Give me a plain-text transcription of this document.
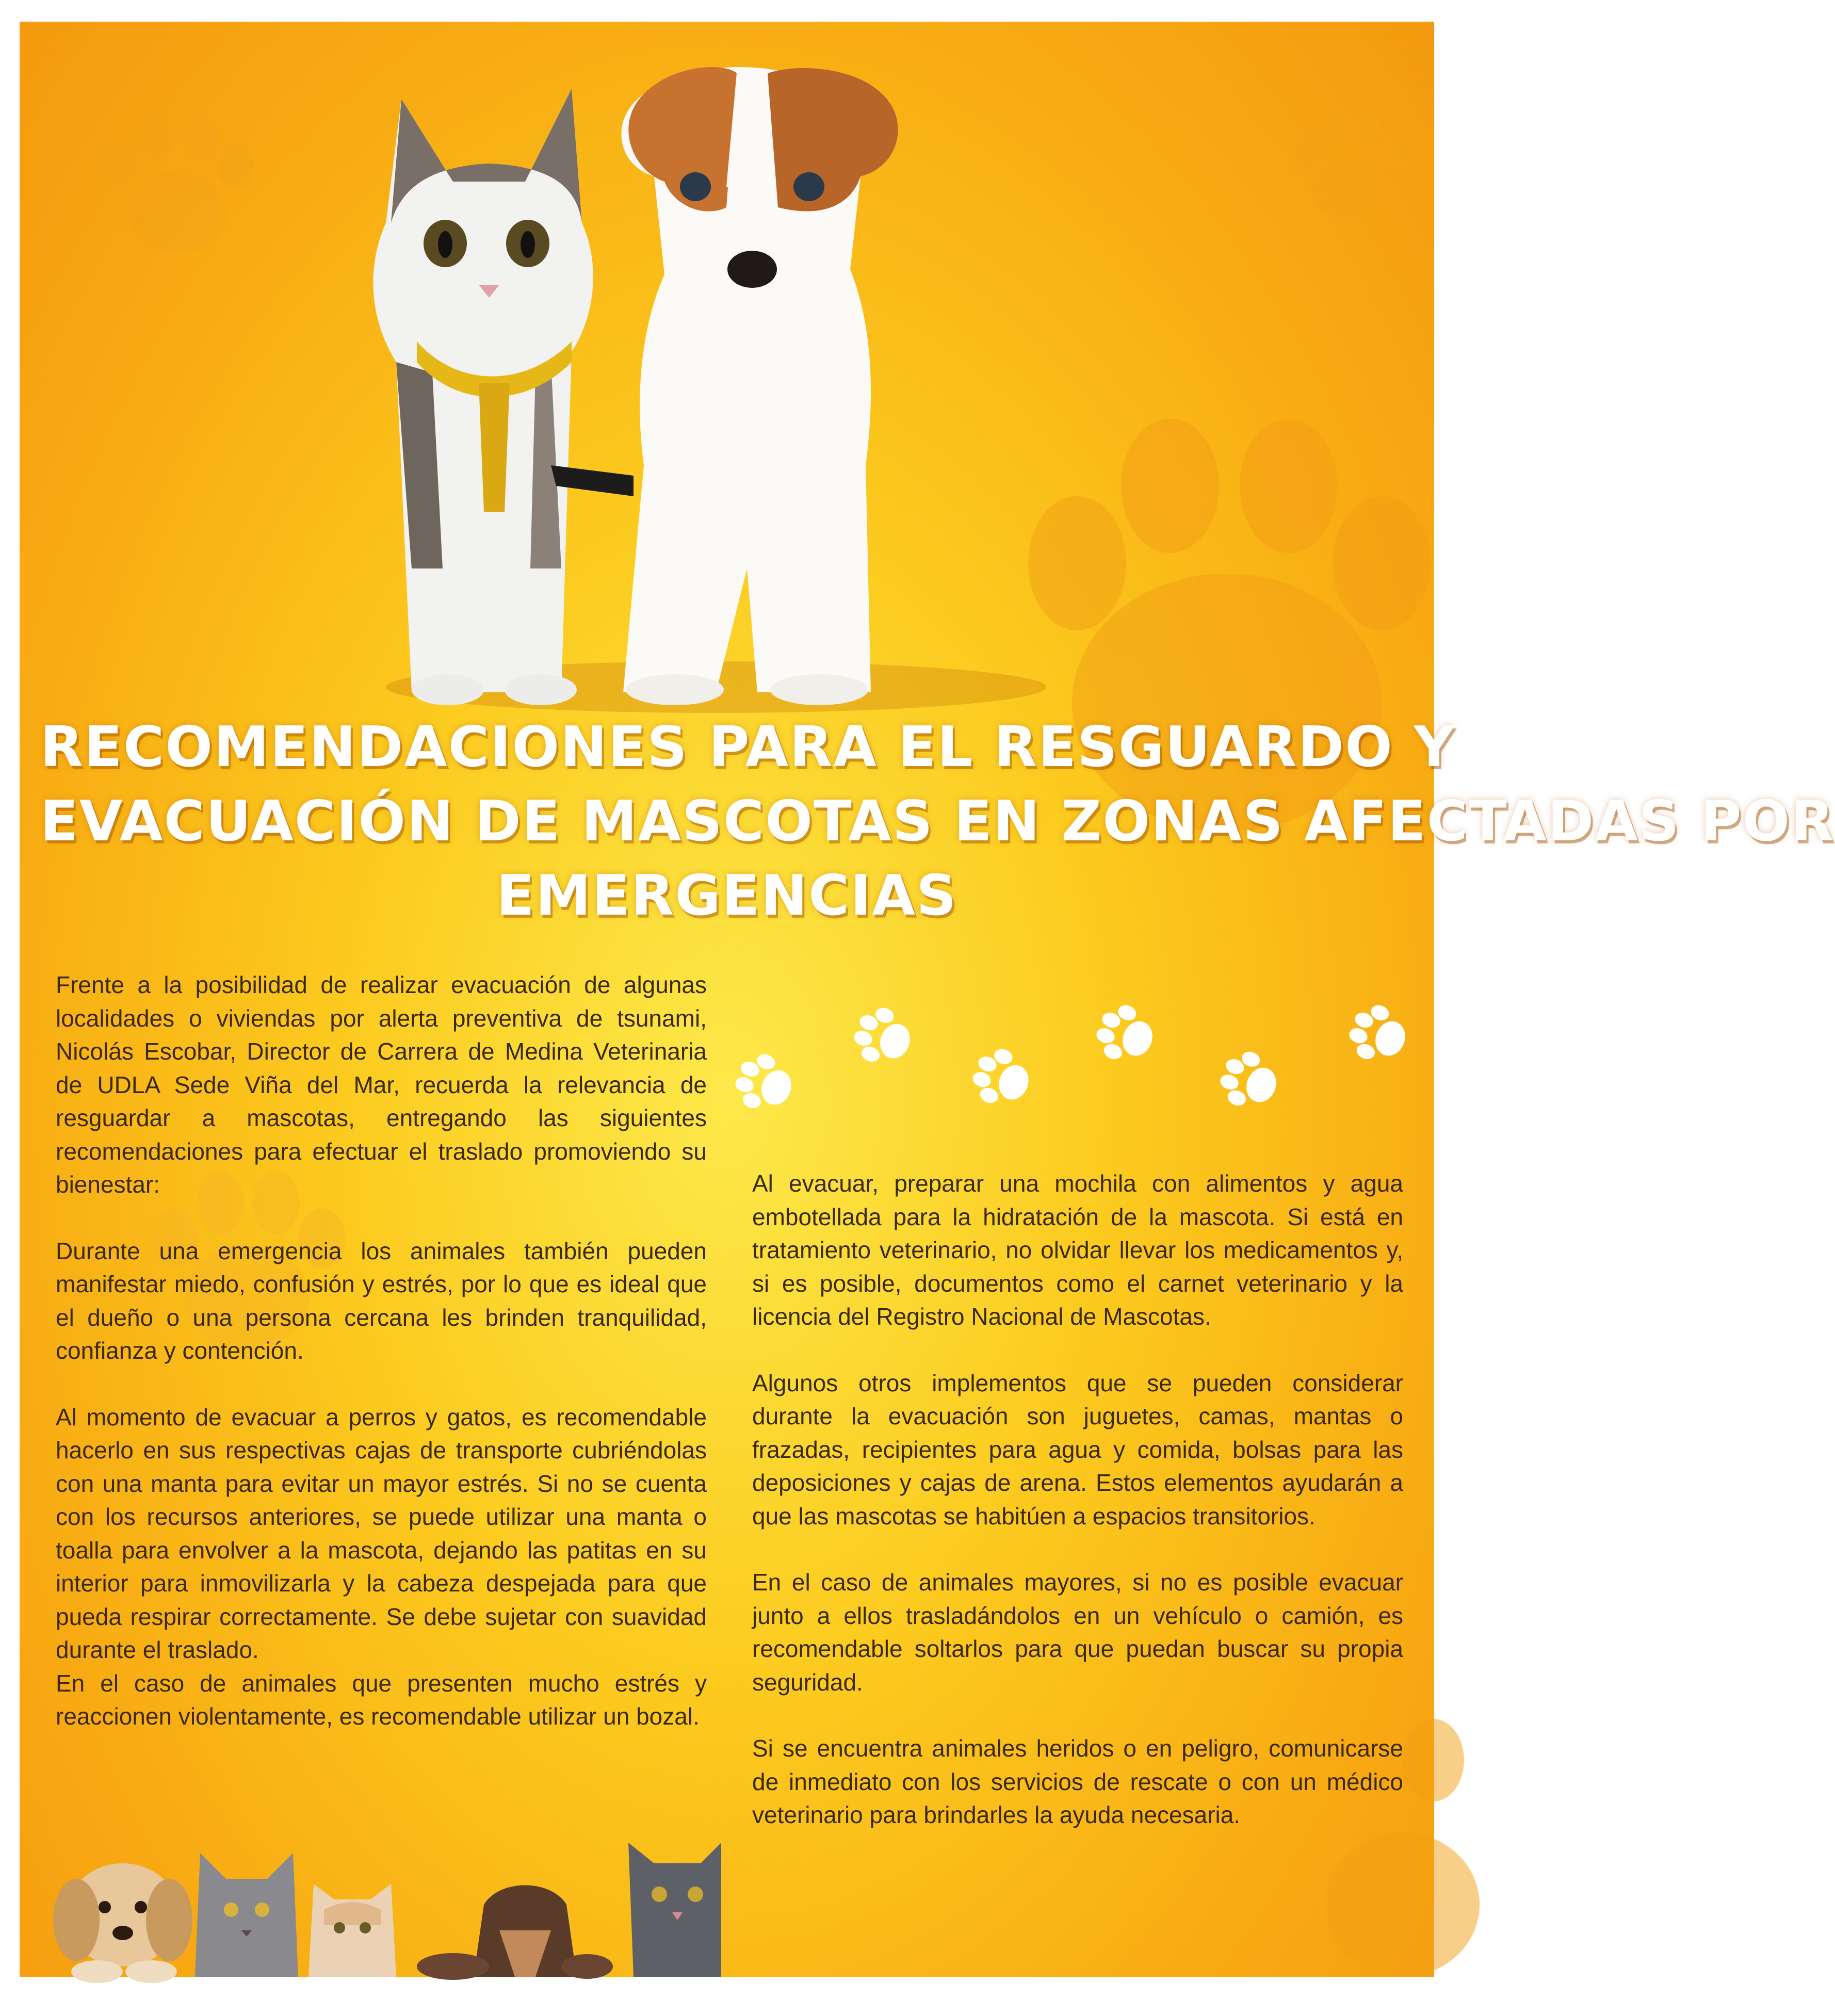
RECOMENDACIONES PARA EL RESGUARDO Y
EVACUACIÓN DE MASCOTAS EN ZONAS AFECTADAS POR
EMERGENCIAS

Frente a la posibilidad de realizar evacuación de algunas localidades o viviendas por alerta preventiva de tsunami, Nicolás Escobar, Director de Carrera de Medina Veterinaria de UDLA Sede Viña del Mar, recuerda la relevancia de resguardar a mascotas, entregando las siguientes recomendaciones para efectuar el traslado promoviendo su bienestar:

Durante una emergencia los animales también pueden manifestar miedo, confusión y estrés, por lo que es ideal que el dueño o una persona cercana les brinden tranquilidad, confianza y contención.

Al momento de evacuar a perros y gatos, es recomendable hacerlo en sus respectivas cajas de transporte cubriéndolas con una manta para evitar un mayor estrés. Si no se cuenta con los recursos anteriores, se puede utilizar una manta o toalla para envolver a la mascota, dejando las patitas en su interior para inmovilizarla y la cabeza despejada para que pueda respirar correctamente. Se debe sujetar con suavidad durante el traslado.

En el caso de animales que presenten mucho estrés y reaccionen violentamente, es recomendable utilizar un bozal.

Al evacuar, preparar una mochila con alimentos y agua embotellada para la hidratación de la mascota. Si está en tratamiento veterinario, no olvidar llevar los medicamentos y, si es posible, documentos como el carnet veterinario y la licencia del Registro Nacional de Mascotas.

Algunos otros implementos que se pueden considerar durante la evacuación son juguetes, camas, mantas o frazadas, recipientes para agua y comida, bolsas para las deposiciones y cajas de arena. Estos elementos ayudarán a que las mascotas se habitúen a espacios transitorios.

En el caso de animales mayores, si no es posible evacuar junto a ellos trasladándolos en un vehículo o camión, es recomendable soltarlos para que puedan buscar su propia seguridad.

Si se encuentra animales heridos o en peligro, comunicarse de inmediato con los servicios de rescate o con un médico veterinario para brindarles la ayuda necesaria.
